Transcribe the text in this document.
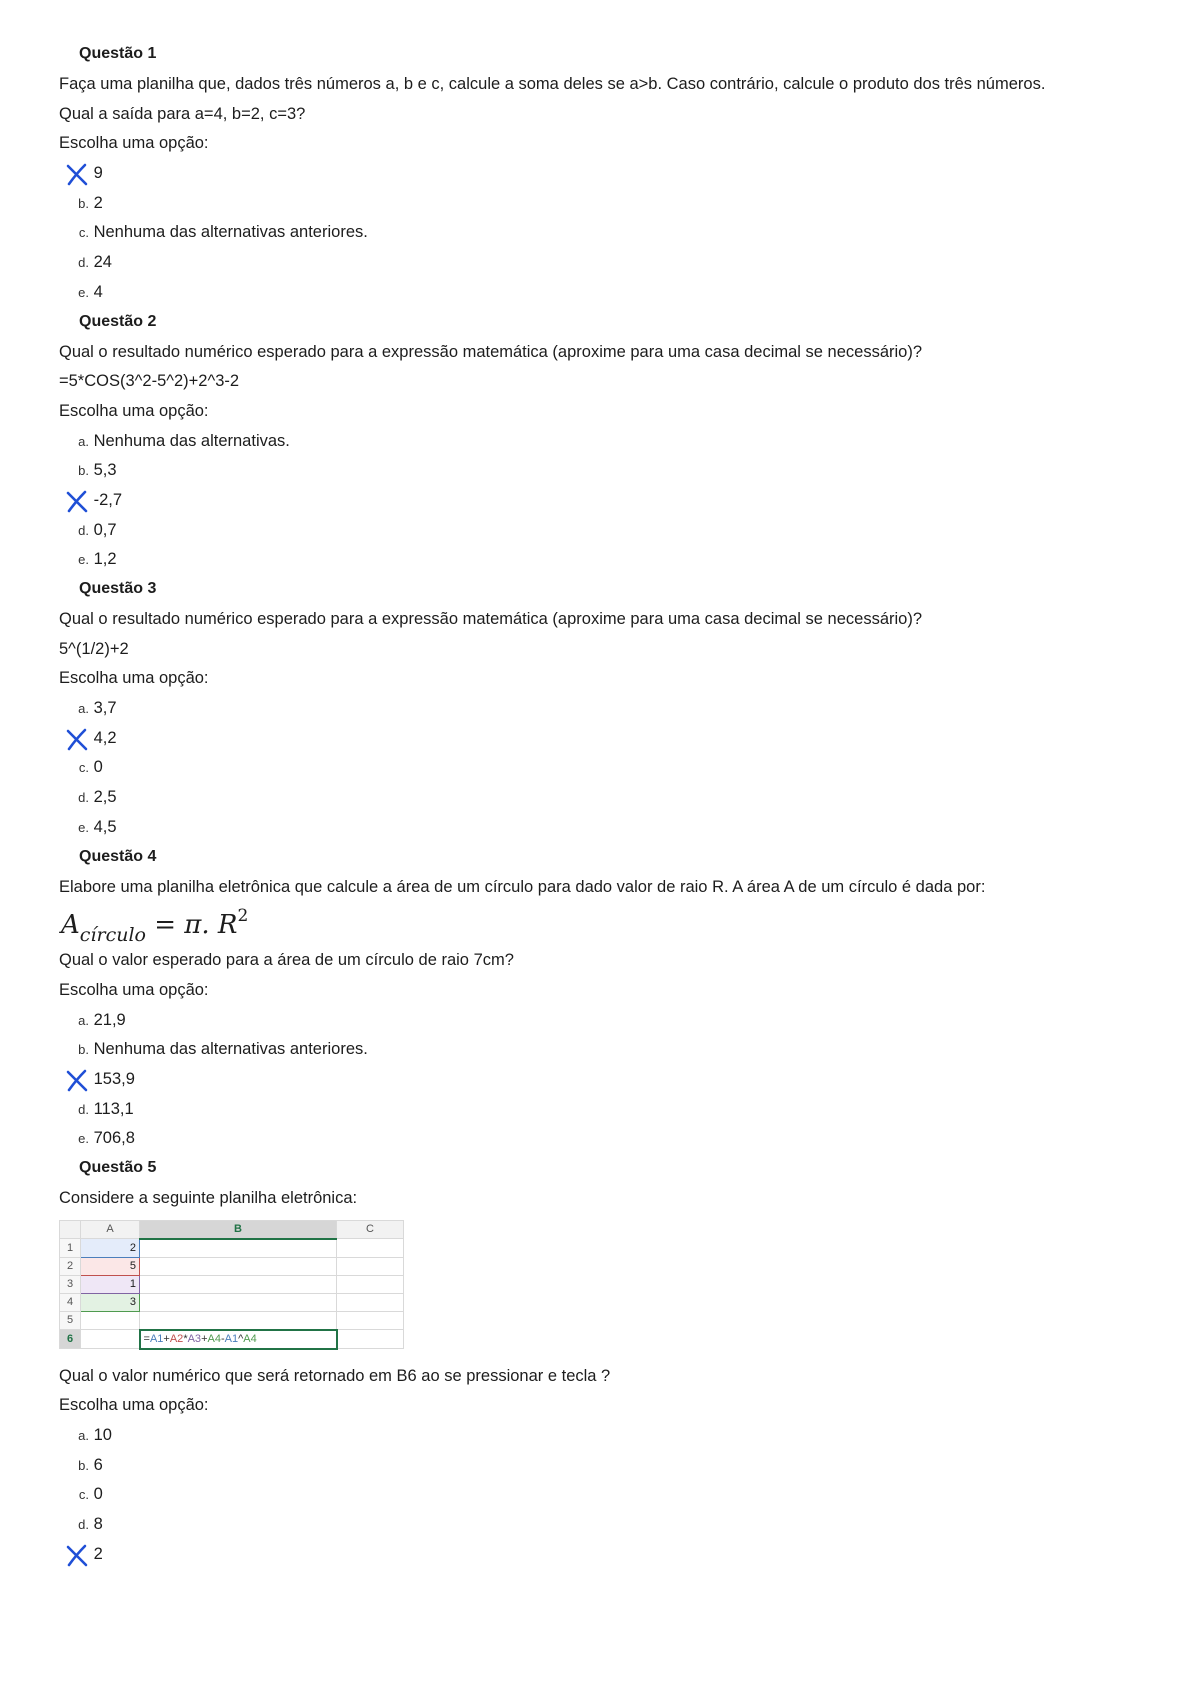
Questão 1
Faça uma planilha que, dados três números a, b e c, calcule a soma deles se a>b. Caso contrário, calcule o produto dos três números.
Qual a saída para a=4, b=2, c=3?
Escolha uma opção:
9
b. 2
c. Nenhuma das alternativas anteriores.
d. 24
e. 4
Questão 2
Qual o resultado numérico esperado para a expressão matemática (aproxime para uma casa decimal se necessário)?
=5*COS(3^2-5^2)+2^3-2
Escolha uma opção:
a. Nenhuma das alternativas.
b. 5,3
-2,7
d. 0,7
e. 1,2
Questão 3
Qual o resultado numérico esperado para a expressão matemática (aproxime para uma casa decimal se necessário)?
5^(1/2)+2
Escolha uma opção:
a. 3,7
4,2
c. 0
d. 2,5
e. 4,5
Questão 4
Elabore uma planilha eletrônica que calcule a área de um círculo para dado valor de raio R. A área A de um círculo é dada por:
$A_{círculo} = \pi$. $R^2$
Qual o valor esperado para a área de um círculo de raio 7cm?
Escolha uma opção:
a. 21,9
b. Nenhuma das alternativas anteriores.
153,9
d. 113,1
e. 706,8
Questão 5
Considere a seguinte planilha eletrônica:
	A	B	C
1	2		
2	5		
3	1		
4	3		
5			
6		=A1+A2*A3+A4-A1^A4	
Qual o valor numérico que será retornado em B6 ao se pressionar e tecla ?
Escolha uma opção:
a. 10
b. 6
c. 0
d. 8
2
